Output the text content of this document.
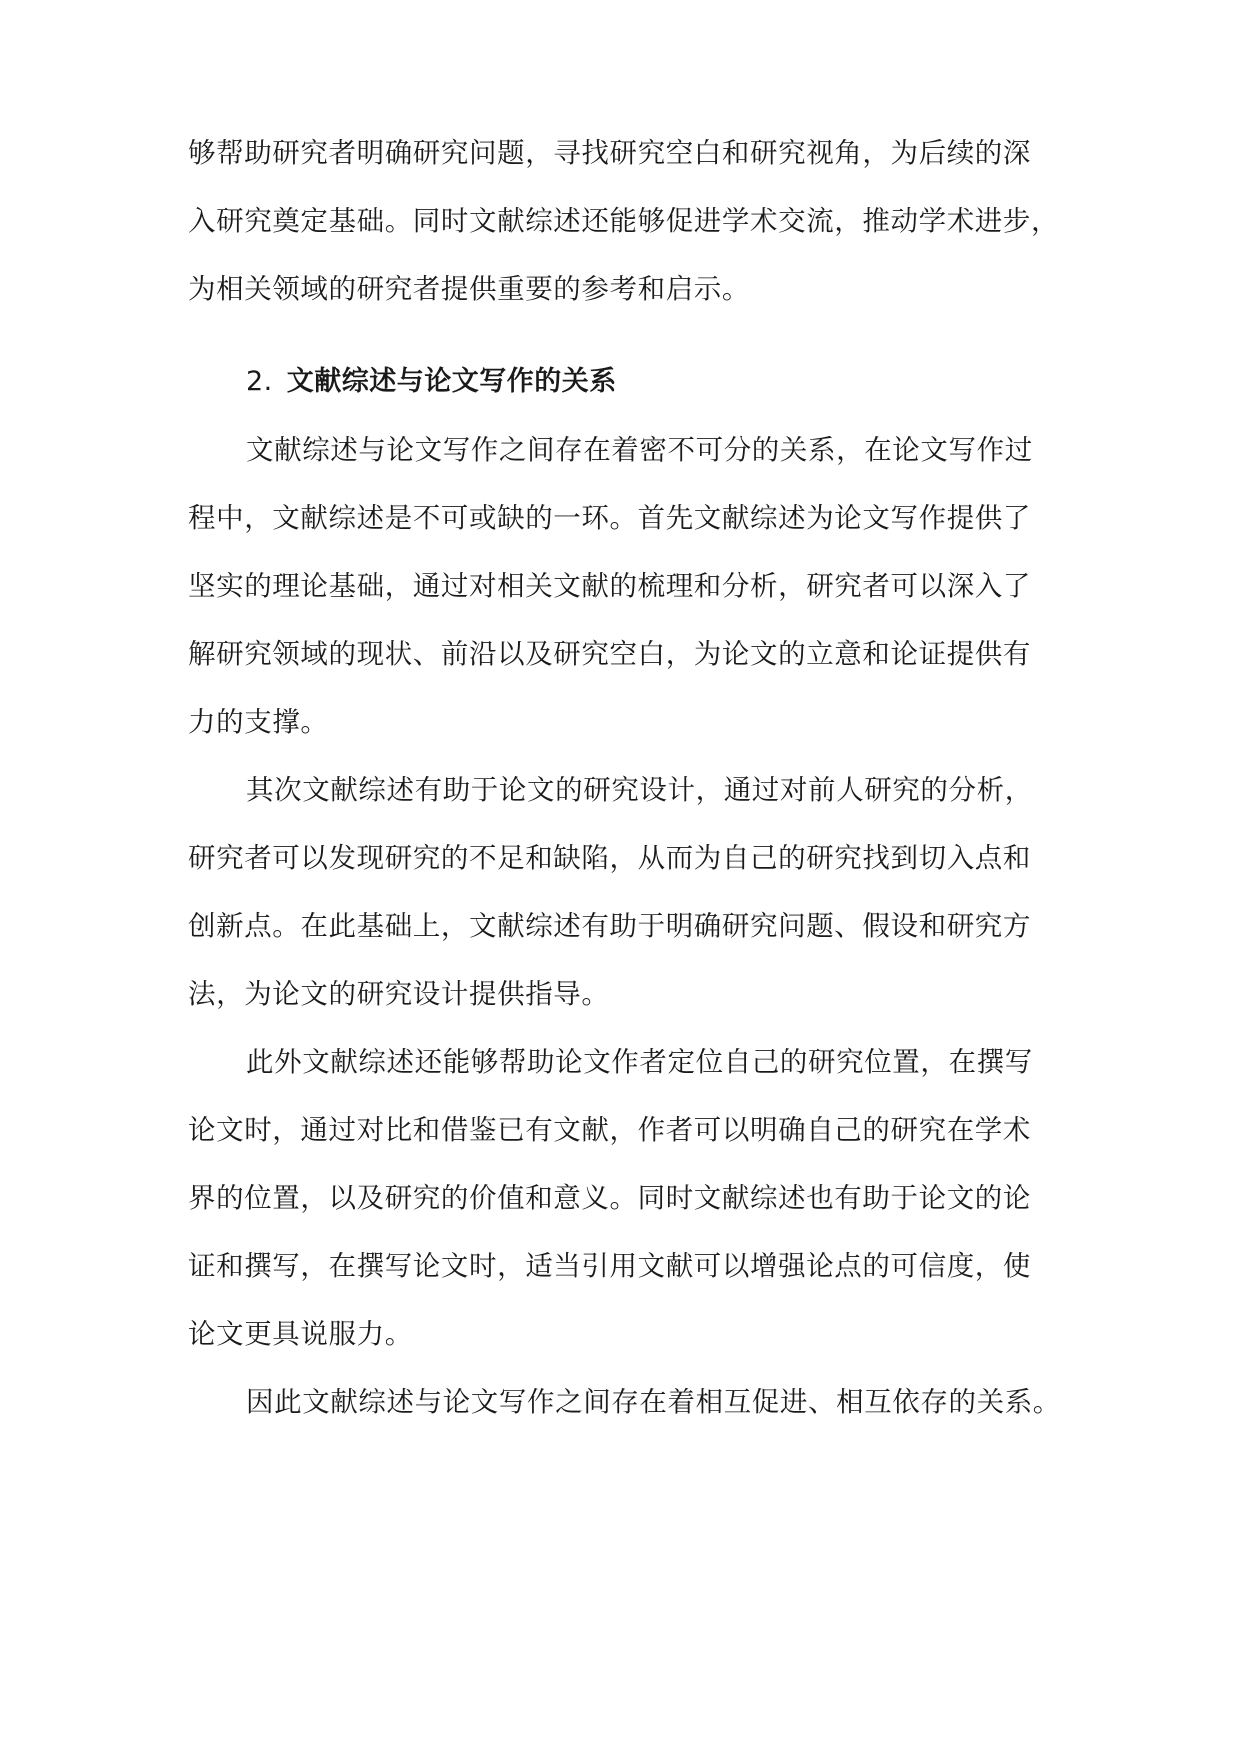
够帮助研究者明确研究问题，寻找研究空白和研究视角，为后续的深
入研究奠定基础。同时文献综述还能够促进学术交流，推动学术进步，
为相关领域的研究者提供重要的参考和启示。
2. 文献综述与论文写作的关系
文献综述与论文写作之间存在着密不可分的关系，在论文写作过
程中，文献综述是不可或缺的一环。首先文献综述为论文写作提供了
坚实的理论基础，通过对相关文献的梳理和分析，研究者可以深入了
解研究领域的现状、前沿以及研究空白，为论文的立意和论证提供有
力的支撑。
其次文献综述有助于论文的研究设计，通过对前人研究的分析，
研究者可以发现研究的不足和缺陷，从而为自己的研究找到切入点和
创新点。在此基础上，文献综述有助于明确研究问题、假设和研究方
法，为论文的研究设计提供指导。
此外文献综述还能够帮助论文作者定位自己的研究位置，在撰写
论文时，通过对比和借鉴已有文献，作者可以明确自己的研究在学术
界的位置，以及研究的价值和意义。同时文献综述也有助于论文的论
证和撰写，在撰写论文时，适当引用文献可以增强论点的可信度，使
论文更具说服力。
因此文献综述与论文写作之间存在着相互促进、相互依存的关系。
